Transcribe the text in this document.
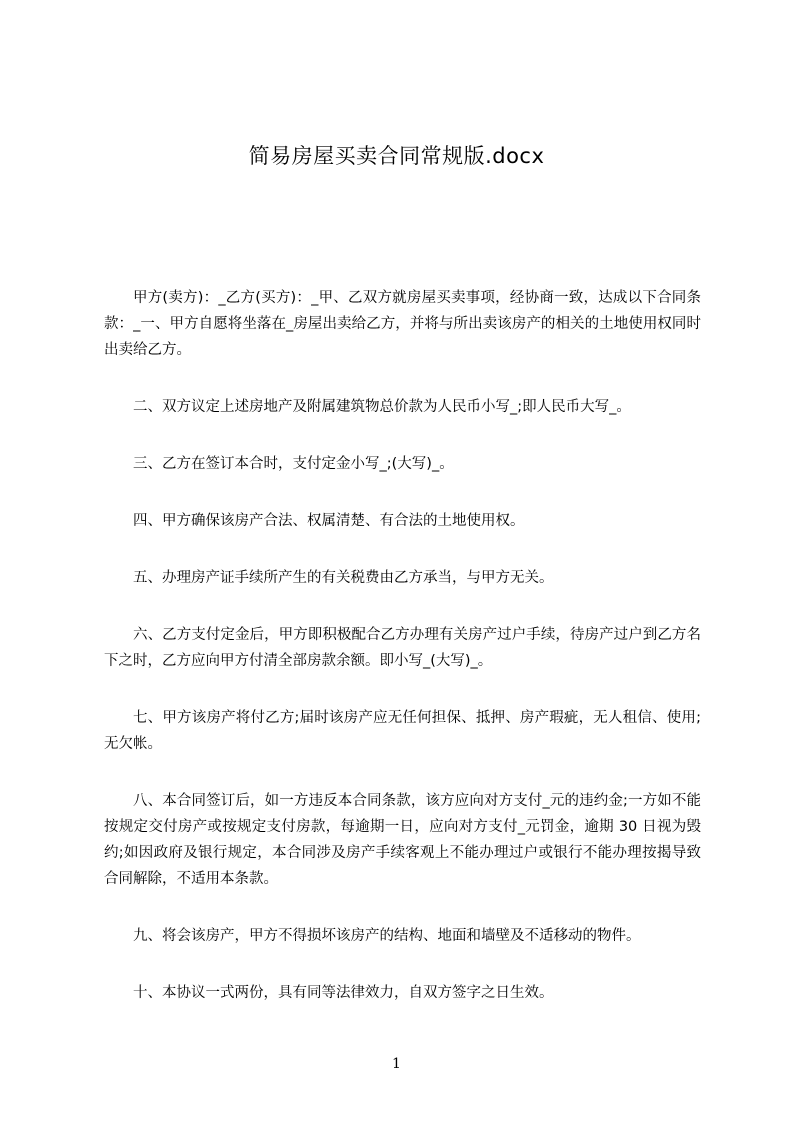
简易房屋买卖合同常规版.docx

甲方(卖方)：_乙方(买方)：_甲、乙双方就房屋买卖事项，经协商一致，达成以下合同条款：_一、甲方自愿将坐落在_房屋出卖给乙方，并将与所出卖该房产的相关的土地使用权同时出卖给乙方。

二、双方议定上述房地产及附属建筑物总价款为人民币小写_;即人民币大写_。

三、乙方在签订本合时，支付定金小写_;(大写)_。

四、甲方确保该房产合法、权属清楚、有合法的土地使用权。

五、办理房产证手续所产生的有关税费由乙方承当，与甲方无关。

六、乙方支付定金后，甲方即积极配合乙方办理有关房产过户手续，待房产过户到乙方名下之时，乙方应向甲方付清全部房款余额。即小写_(大写)_。

七、甲方该房产将付乙方;届时该房产应无任何担保、抵押、房产瑕疵，无人租信、使用;无欠帐。

八、本合同签订后，如一方违反本合同条款，该方应向对方支付_元的违约金;一方如不能按规定交付房产或按规定支付房款，每逾期一日，应向对方支付_元罚金，逾期 30 日视为毁约;如因政府及银行规定，本合同涉及房产手续客观上不能办理过户或银行不能办理按揭导致合同解除，不适用本条款。

九、将会该房产，甲方不得损坏该房产的结构、地面和墙壁及不适移动的物件。

十、本协议一式两份，具有同等法律效力，自双方签字之日生效。

1
